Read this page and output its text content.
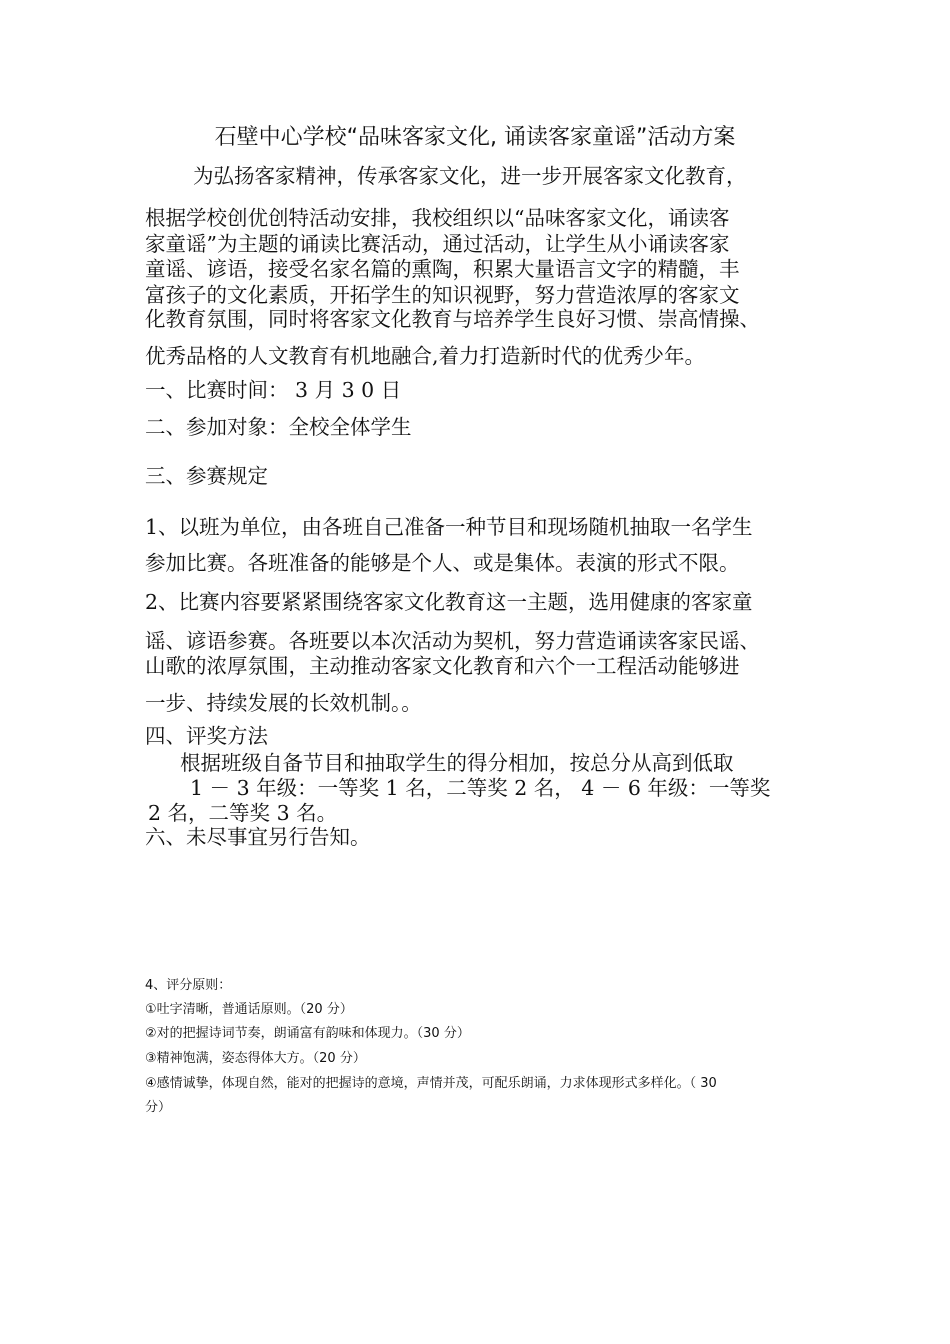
石壁中心学校“品味客家文化, 诵读客家童谣”活动方案
为弘扬客家精神，传承客家文化，进一步开展客家文化教育，
根据学校创优创特活动安排，我校组织以“品味客家文化，诵读客
家童谣”为主题的诵读比赛活动，通过活动，让学生从小诵读客家
童谣、谚语，接受名家名篇的熏陶，积累大量语言文字的精髓，丰
富孩子的文化素质，开拓学生的知识视野，努力营造浓厚的客家文
化教育氛围，同时将客家文化教育与培养学生良好习惯、崇高情操、
优秀品格的人文教育有机地融合,着力打造新时代的优秀少年。
一、比赛时间： 3 月 3 0 日
二、参加对象：全校全体学生
三、参赛规定
1、以班为单位，由各班自己准备一种节目和现场随机抽取一名学生
参加比赛。各班准备的能够是个人、或是集体。表演的形式不限。
2、比赛内容要紧紧围绕客家文化教育这一主题，选用健康的客家童
谣、谚语参赛。各班要以本次活动为契机，努力营造诵读客家民谣、
山歌的浓厚氛围，主动推动客家文化教育和六个一工程活动能够进
一步、持续发展的长效机制。。
四、评奖方法
根据班级自备节目和抽取学生的得分相加，按总分从高到低取
1 － 3 年级：一等奖 1 名，二等奖 2 名， 4 － 6 年级：一等奖
2 名，二等奖 3 名。
六、未尽事宜另行告知。
4、评分原则：
①吐字清晰，普通话原则。（20 分）
②对的把握诗词节奏，朗诵富有韵味和体现力。（30 分）
③精神饱满，姿态得体大方。（20 分）
④感情诚挚，体现自然，能对的把握诗的意境，声情并茂，可配乐朗诵，力求体现形式多样化。（ 30
分）
